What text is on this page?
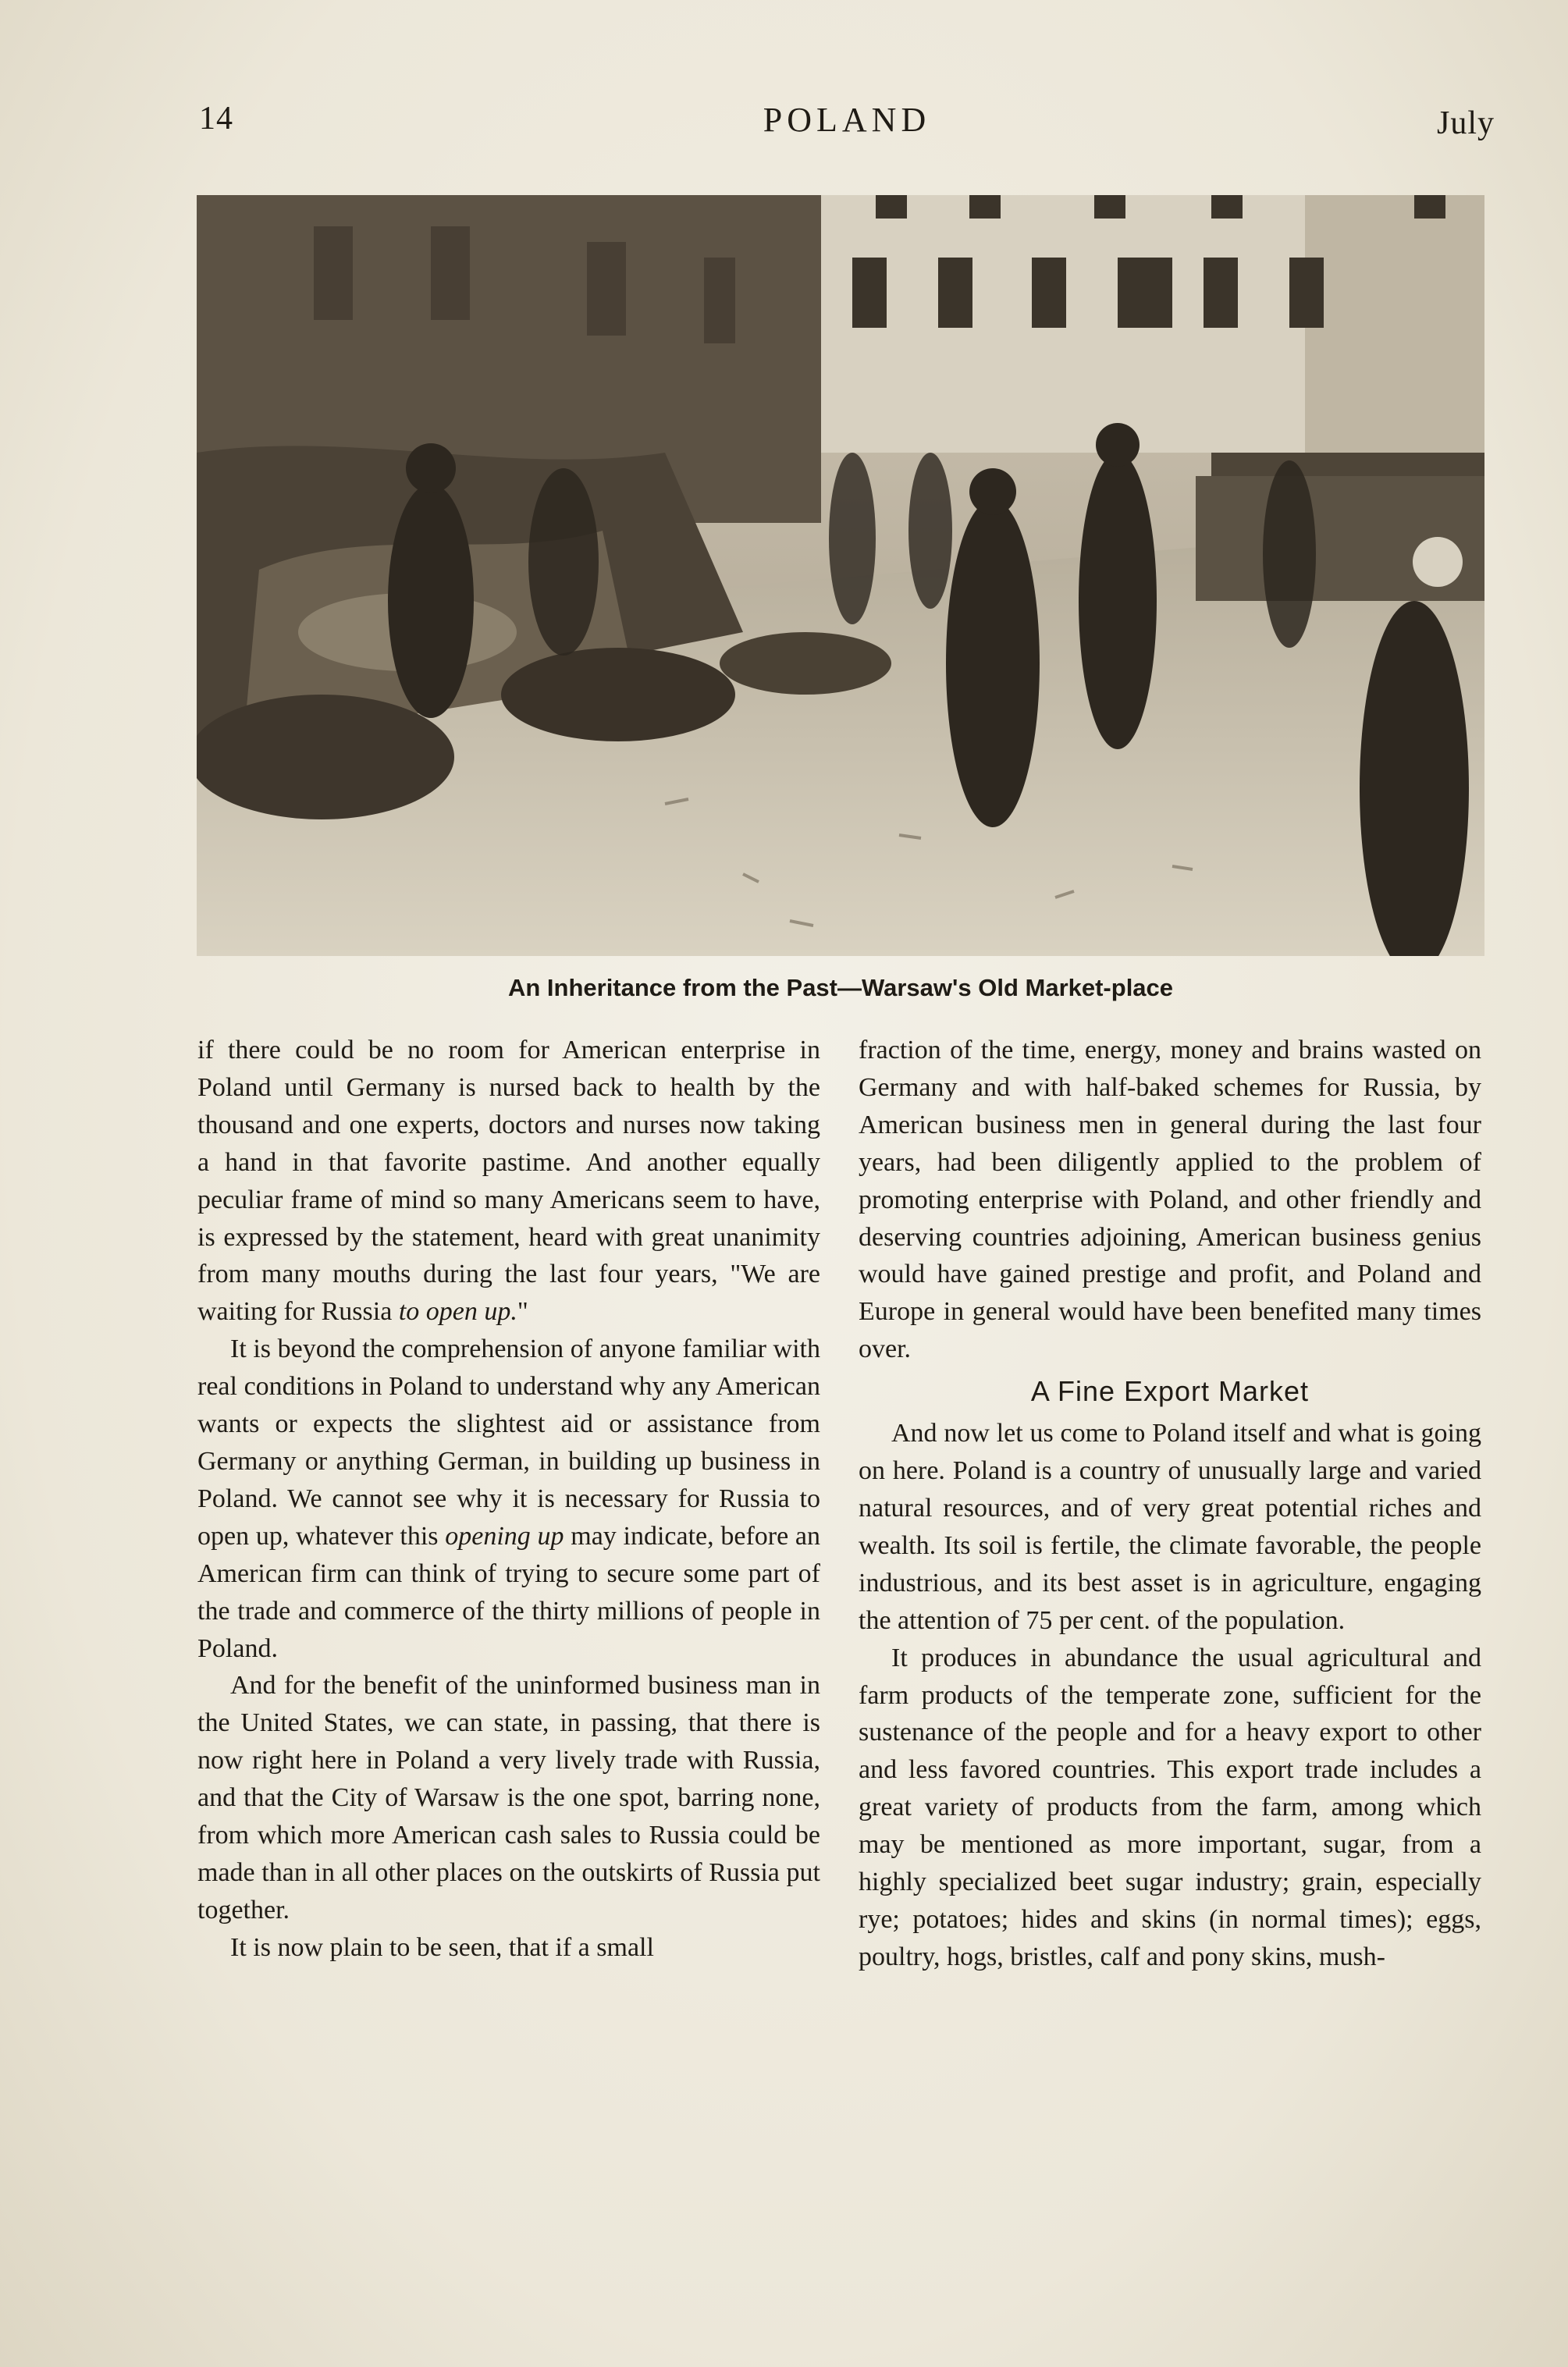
14	POLAND	July
An Inheritance from the Past—Warsaw's Old Market-place

if there could be no room for American enterprise in Poland until Germany is nursed back to health by the thousand and one experts, doctors and nurses now taking a hand in that favorite pastime. And another equally peculiar frame of mind so many Americans seem to have, is expressed by the statement, heard with great unanimity from many mouths during the last four years, "We are waiting for Russia to open up."

It is beyond the comprehension of anyone familiar with real conditions in Poland to understand why any American wants or expects the slightest aid or assistance from Germany or anything German, in building up business in Poland. We cannot see why it is necessary for Russia to open up, whatever this opening up may indicate, before an American firm can think of trying to secure some part of the trade and commerce of the thirty millions of people in Poland.

And for the benefit of the uninformed business man in the United States, we can state, in passing, that there is now right here in Poland a very lively trade with Russia, and that the City of Warsaw is the one spot, barring none, from which more American cash sales to Russia could be made than in all other places on the outskirts of Russia put together.

It is now plain to be seen, that if a small

fraction of the time, energy, money and brains wasted on Germany and with half-baked schemes for Russia, by American business men in general during the last four years, had been diligently applied to the problem of promoting enterprise with Poland, and other friendly and deserving countries adjoining, American business genius would have gained prestige and profit, and Poland and Europe in general would have been benefited many times over.

A Fine Export Market

And now let us come to Poland itself and what is going on here. Poland is a country of unusually large and varied natural resources, and of very great potential riches and wealth. Its soil is fertile, the climate favorable, the people industrious, and its best asset is in agriculture, engaging the attention of 75 per cent. of the population.

It produces in abundance the usual agricultural and farm products of the temperate zone, sufficient for the sustenance of the people and for a heavy export to other and less favored countries. This export trade includes a great variety of products from the farm, among which may be mentioned as more important, sugar, from a highly specialized beet sugar industry; grain, especially rye; potatoes; hides and skins (in normal times); eggs, poultry, hogs, bristles, calf and pony skins, mush-
